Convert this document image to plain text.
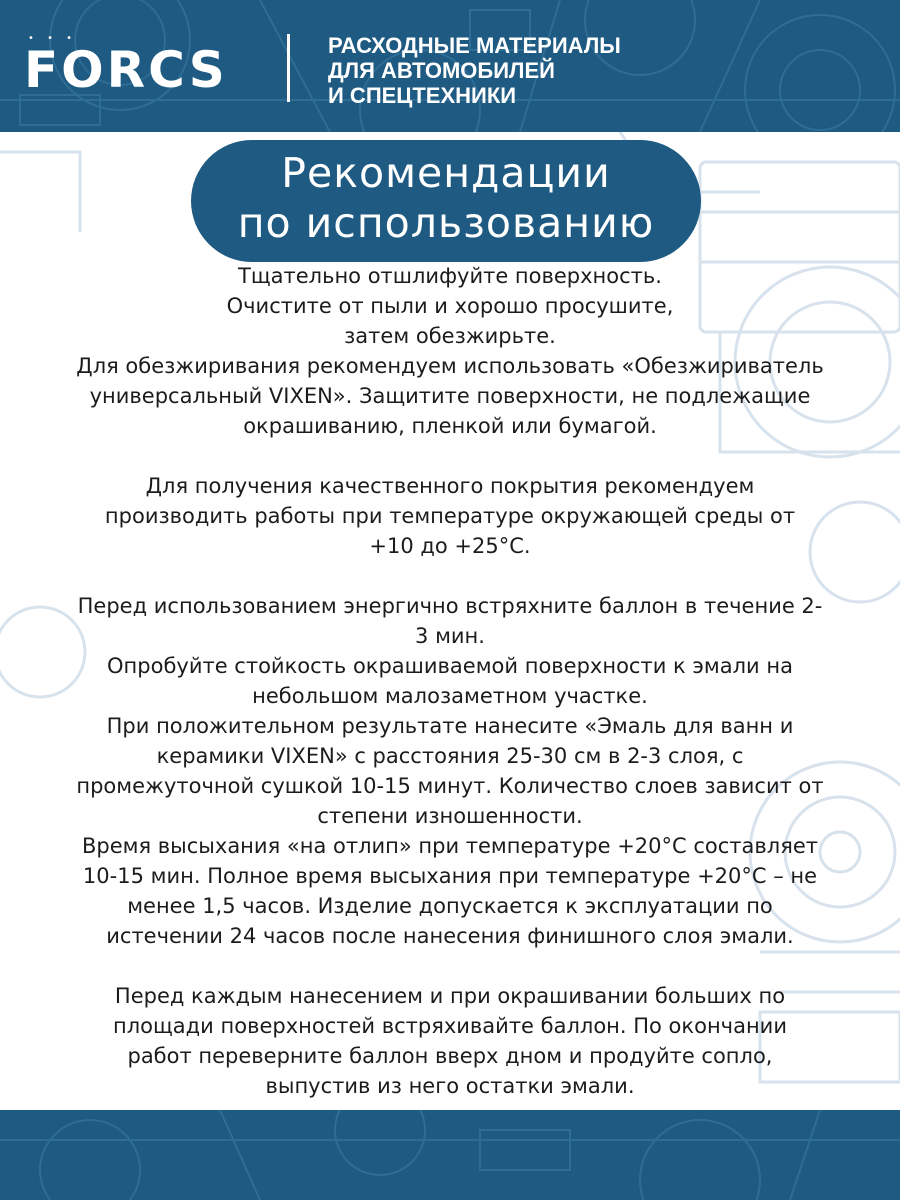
• • •
FORCS	РАСХОДНЫЕ МАТЕРИАЛЫ
ДЛЯ АВТОМОБИЛЕЙ
И СПЕЦТЕХНИКИ
Рекомендации
по использованию
Тщательно отшлифуйте поверхность.
Очистите от пыли и хорошо просушите,
затем обезжирьте.
Для обезжиривания рекомендуем использовать «Обезжириватель
универсальный VIXEN». Защитите поверхности, не подлежащие
окрашиванию, пленкой или бумагой.
Для получения качественного покрытия рекомендуем
производить работы при температуре окружающей среды от
+10 до +25°С.
Перед использованием энергично встряхните баллон в течение 2-
3 мин.
Опробуйте стойкость окрашиваемой поверхности к эмали на
небольшом малозаметном участке.
При положительном результате нанесите «Эмаль для ванн и
керамики VIXEN» с расстояния 25-30 см в 2-3 слоя, с
промежуточной сушкой 10-15 минут. Количество слоев зависит от
степени изношенности.
Время высыхания «на отлип» при температуре +20°С составляет
10-15 мин. Полное время высыхания при температуре +20°С – не
менее 1,5 часов. Изделие допускается к эксплуатации по
истечении 24 часов после нанесения финишного слоя эмали.
Перед каждым нанесением и при окрашивании больших по
площади поверхностей встряхивайте баллон. По окончании
работ переверните баллон вверх дном и продуйте сопло,
выпустив из него остатки эмали.
